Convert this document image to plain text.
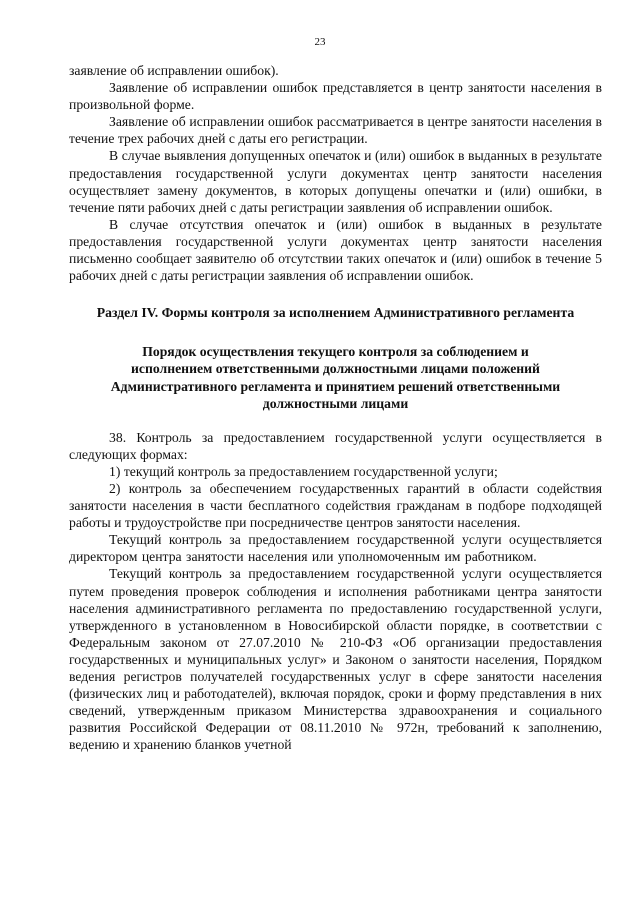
23

заявление об исправлении ошибок).

Заявление об исправлении ошибок представляется в центр занятости населения в произвольной форме.

Заявление об исправлении ошибок рассматривается в центре занятости населения в течение трех рабочих дней с даты его регистрации.

В случае выявления допущенных опечаток и (или) ошибок в выданных в результате предоставления государственной услуги документах центр занятости населения осуществляет замену документов, в которых допущены опечатки и (или) ошибки, в течение пяти рабочих дней с даты регистрации заявления об исправлении ошибок.

В случае отсутствия опечаток и (или) ошибок в выданных в результате предоставления государственной услуги документах центр занятости населения письменно сообщает заявителю об отсутствии таких опечаток и (или) ошибок в течение 5 рабочих дней с даты регистрации заявления об исправлении ошибок.

Раздел IV. Формы контроля за исполнением Административного регламента

Порядок осуществления текущего контроля за соблюдением и исполнением ответственными должностными лицами положений Административного регламента и принятием решений ответственными должностными лицами

38. Контроль за предоставлением государственной услуги осуществляется в следующих формах:

1) текущий контроль за предоставлением государственной услуги;

2) контроль за обеспечением государственных гарантий в области содействия занятости населения в части бесплатного содействия гражданам в подборе подходящей работы и трудоустройстве при посредничестве центров занятости населения.

Текущий контроль за предоставлением государственной услуги осуществляется директором центра занятости населения или уполномоченным им работником.

Текущий контроль за предоставлением государственной услуги осуществляется путем проведения проверок соблюдения и исполнения работниками центра занятости населения административного регламента по предоставлению государственной услуги, утвержденного в установленном в Новосибирской области порядке, в соответствии с Федеральным законом от 27.07.2010 № 210-ФЗ «Об организации предоставления государственных и муниципальных услуг» и Законом о занятости населения, Порядком ведения регистров получателей государственных услуг в сфере занятости населения (физических лиц и работодателей), включая порядок, сроки и форму представления в них сведений, утвержденным приказом Министерства здравоохранения и социального развития Российской Федерации от 08.11.2010 № 972н, требований к заполнению, ведению и хранению бланков учетной
